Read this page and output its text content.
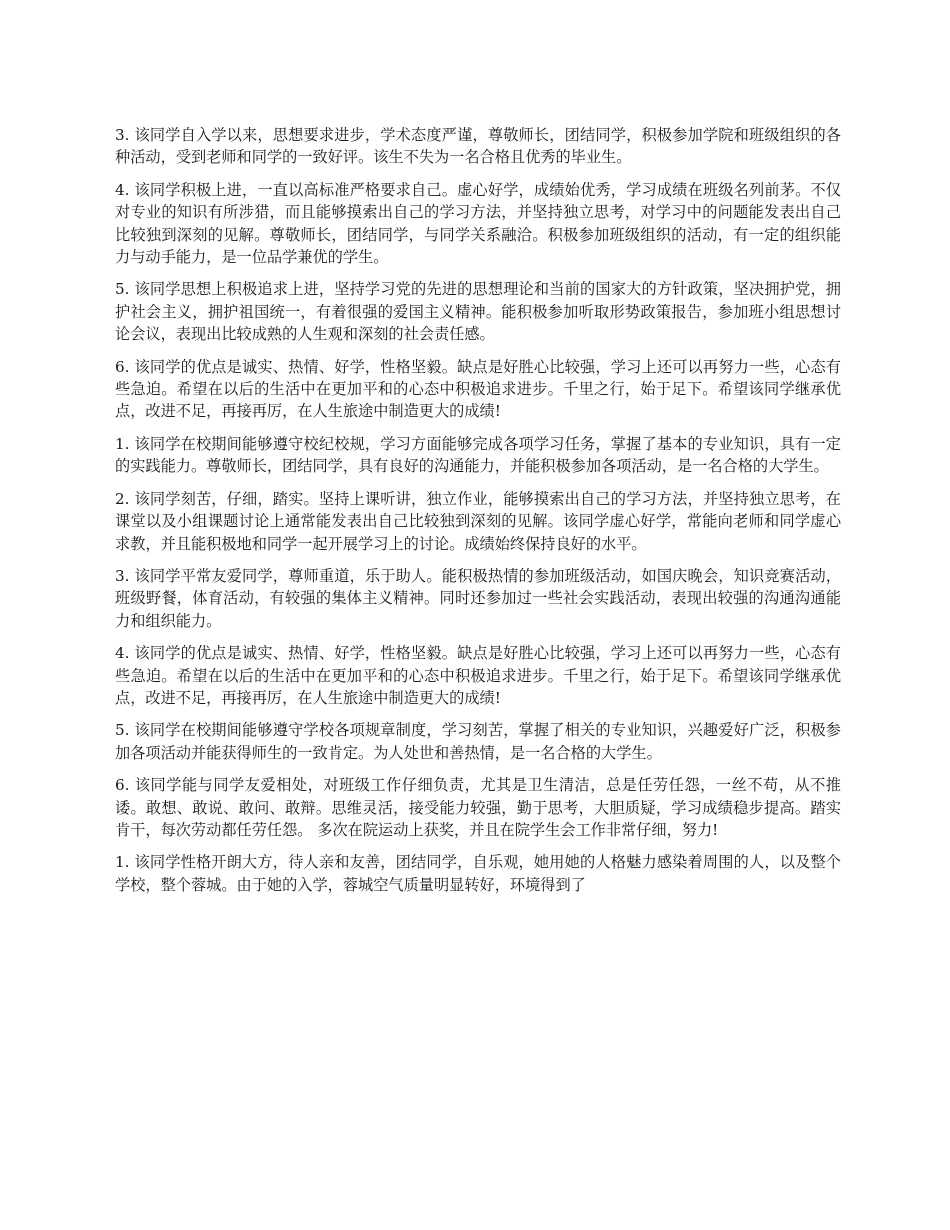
3. 该同学自入学以来，思想要求进步，学术态度严谨，尊敬师长，团结同学，积极参加学院和班级组织的各种活动，受到老师和同学的一致好评。该生不失为一名合格且优秀的毕业生。

4. 该同学积极上进，一直以高标准严格要求自己。虚心好学，成绩始优秀，学习成绩在班级名列前茅。不仅对专业的知识有所涉猎，而且能够摸索出自己的学习方法，并坚持独立思考，对学习中的问题能发表出自己比较独到深刻的见解。尊敬师长，团结同学，与同学关系融洽。积极参加班级组织的活动，有一定的组织能力与动手能力，是一位品学兼优的学生。

5. 该同学思想上积极追求上进，坚持学习党的先进的思想理论和当前的国家大的方针政策，坚决拥护党，拥护社会主义，拥护祖国统一，有着很强的爱国主义精神。能积极参加听取形势政策报告，参加班小组思想讨论会议，表现出比较成熟的人生观和深刻的社会责任感。

6. 该同学的优点是诚实、热情、好学，性格坚毅。缺点是好胜心比较强，学习上还可以再努力一些，心态有些急迫。希望在以后的生活中在更加平和的心态中积极追求进步。千里之行，始于足下。希望该同学继承优点，改进不足，再接再厉，在人生旅途中制造更大的成绩!

1. 该同学在校期间能够遵守校纪校规，学习方面能够完成各项学习任务，掌握了基本的专业知识，具有一定的实践能力。尊敬师长，团结同学，具有良好的沟通能力，并能积极参加各项活动，是一名合格的大学生。

2. 该同学刻苦，仔细，踏实。坚持上课听讲，独立作业，能够摸索出自己的学习方法，并坚持独立思考，在课堂以及小组课题讨论上通常能发表出自己比较独到深刻的见解。该同学虚心好学，常能向老师和同学虚心求教，并且能积极地和同学一起开展学习上的讨论。成绩始终保持良好的水平。

3. 该同学平常友爱同学，尊师重道，乐于助人。能积极热情的参加班级活动，如国庆晚会，知识竞赛活动，班级野餐，体育活动，有较强的集体主义精神。同时还参加过一些社会实践活动，表现出较强的沟通沟通能力和组织能力。

4. 该同学的优点是诚实、热情、好学，性格坚毅。缺点是好胜心比较强，学习上还可以再努力一些，心态有些急迫。希望在以后的生活中在更加平和的心态中积极追求进步。千里之行，始于足下。希望该同学继承优点，改进不足，再接再厉，在人生旅途中制造更大的成绩!

5. 该同学在校期间能够遵守学校各项规章制度，学习刻苦，掌握了相关的专业知识，兴趣爱好广泛，积极参加各项活动并能获得师生的一致肯定。为人处世和善热情，是一名合格的大学生。

6. 该同学能与同学友爱相处，对班级工作仔细负责，尤其是卫生清洁，总是任劳任怨，一丝不苟，从不推诿。敢想、敢说、敢问、敢辩。思维灵活，接受能力较强，勤于思考，大胆质疑，学习成绩稳步提高。踏实肯干，每次劳动都任劳任怨。 多次在院运动上获奖，并且在院学生会工作非常仔细，努力!

1. 该同学性格开朗大方，待人亲和友善，团结同学，自乐观，她用她的人格魅力感染着周围的人，以及整个学校，整个蓉城。由于她的入学，蓉城空气质量明显转好，环境得到了
